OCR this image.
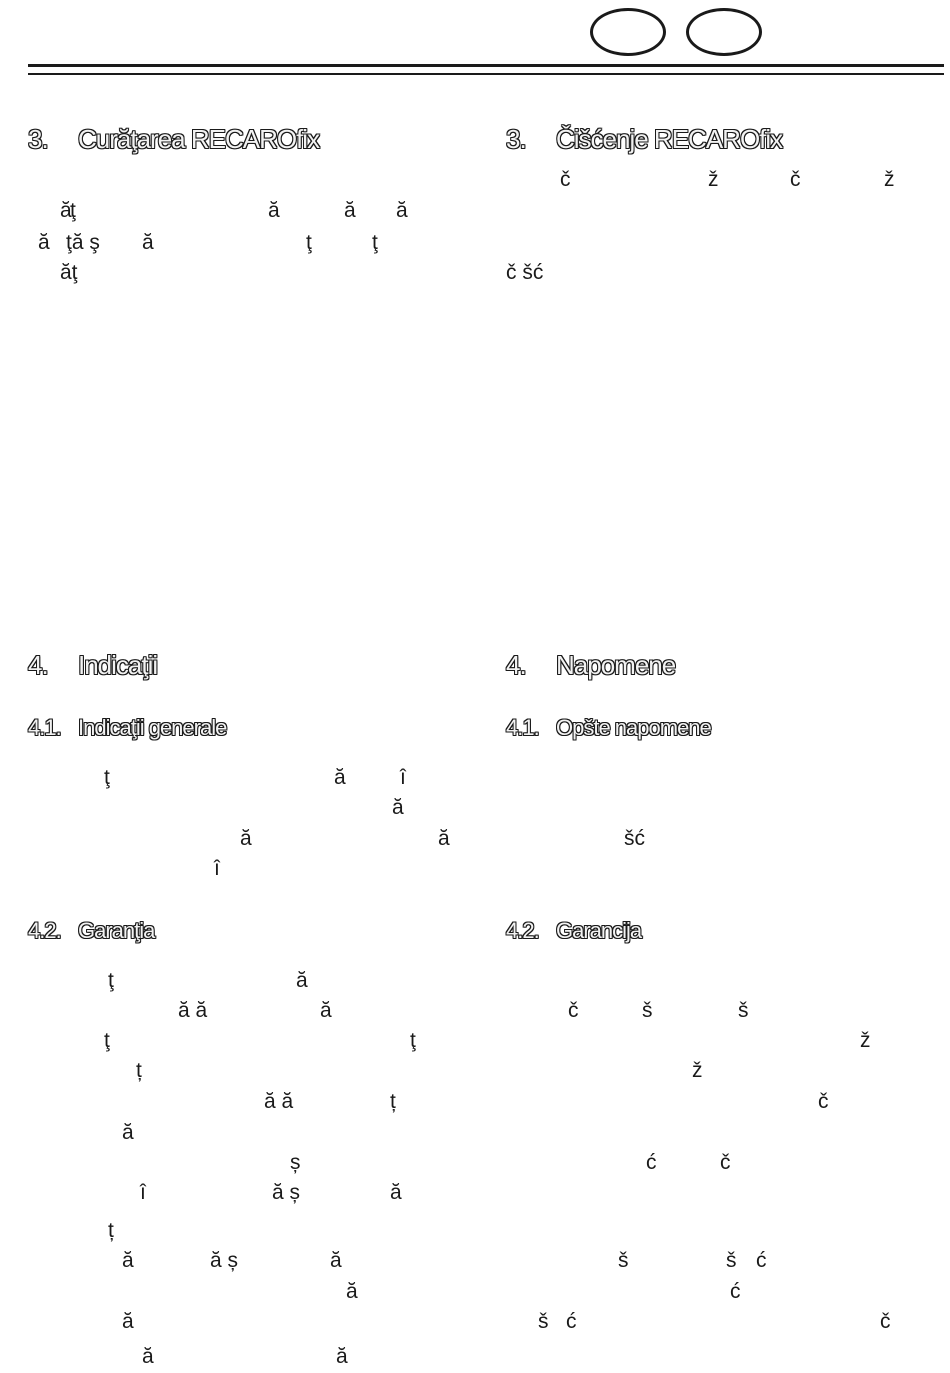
3. Curăţarea RECAROfix
4. Indicaţii
4.1. Indicaţii generale
4.2. Garanţia
3. Čišćenje RECAROfix
4. Napomene
4.1. Opšte napomene
4.2. Garancija
ă
ţ	ă	ă ă
ă ţă ş ă	ţ	ţ
ăţ
č	ž	č	ž
č šć
ţ	ă	î
ă
ă	ă
î
šć
ţ	ă
ă ă	ă
ţ	ţ
ț
ă ă	ț
ă
ș
î	ă ș	ă
ț
ă	ă ș	ă
ă
ă
ă	ă
č	š	š
ž
ž
č
ć	č
š	š ć
ć
š ć	č
